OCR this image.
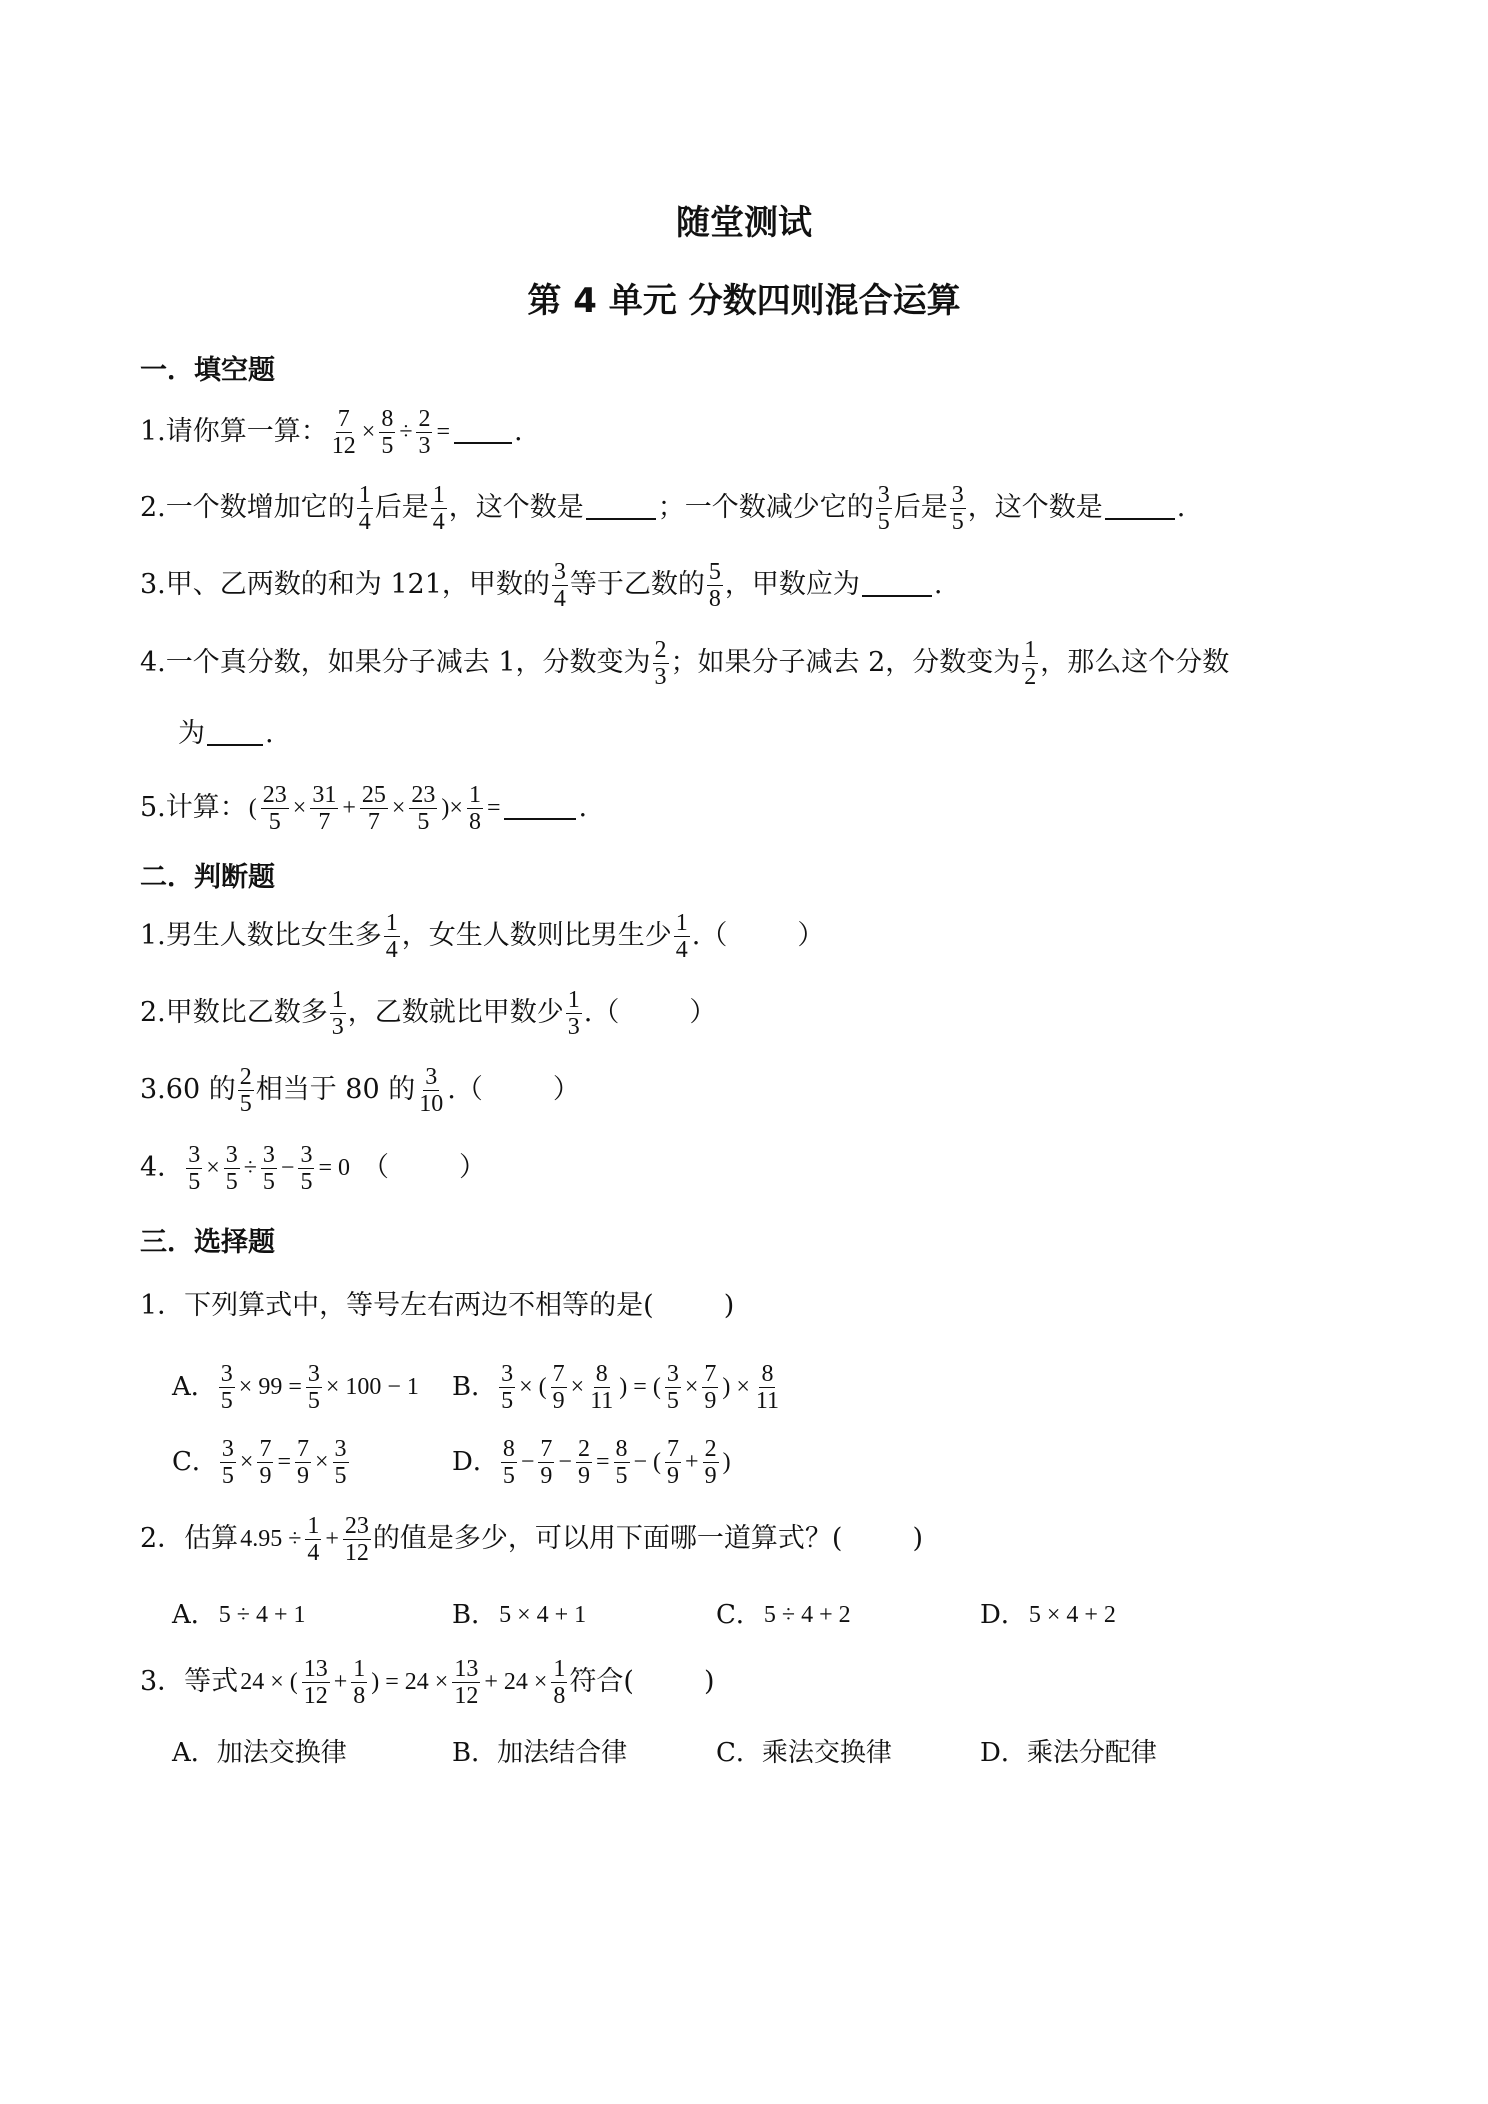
随堂测试
第 4 单元 分数四则混合运算
一．填空题
1.请你算一算： $\frac{7}{12} \times \frac{8}{5} \div \frac{2}{3}$ = .
2.一个数增加它的 $\frac{1}{4}$ 后是 $\frac{1}{4}$ ，这个数是	；一个数减少它的 $\frac{3}{5}$ 后是 $\frac{3}{5}$ ，这个数是	.
3.甲、乙两数的和为 121，甲数的 $\frac{3}{4}$ 等于乙数的 $\frac{5}{8}$ ，甲数应为	.
4.一个真分数，如果分子减去 1，分数变为 $\frac{2}{3}$ ；如果分子减去 2，分数变为 $\frac{1}{2}$ ，那么这个分数
为 .
5.计算： ( $\frac{23}{5} \times \frac{31}{7} + \frac{25}{7} \times \frac{23}{5}$ )× $\frac{1}{8}$ =	.
二．判断题
1.男生人数比女生多 $\frac{1}{4}$ ，女生人数则比男生少 $\frac{1}{4}$ .（	）
2.甲数比乙数多 $\frac{1}{3}$ ，乙数就比甲数少 $\frac{1}{3}$ .（	）
3.60 的 $\frac{2}{5}$ 相当于 80 的 $\frac{3}{10}$ .（	）
4． $\frac{3}{5} \times \frac{3}{5} \div \frac{3}{5} - \frac{3}{5} = 0$ （	）
三．选择题
1．下列算式中，等号左右两边不相等的是(	)
A． $\frac{3}{5} \times 99 = \frac{3}{5} \times 100 - 1$ B． $\frac{3}{5}$ × ( $\frac{7}{9} \times \frac{8}{11}$ ) = ( $\frac{3}{5} \times \frac{7}{9}$ ) × $\frac{8}{11}$
C． $\frac{3}{5} \times \frac{7}{9} = \frac{7}{9} \times \frac{3}{5}$	D． $\frac{8}{5} - \frac{7}{9} - \frac{2}{9} = \frac{8}{5}$ − ( $\frac{7}{9} + \frac{2}{9}$ )
2．估算 $4.95 \div \frac{1}{4} + \frac{23}{12}$ 的值是多少，可以用下面哪一道算式？(	)
A． 5 ÷ 4 + 1	B． 5 × 4 + 1	C． 5 ÷ 4 + 2	D． 5 × 4 + 2
3．等式 24 × ( $\frac{13}{12} + \frac{1}{8}$ ) = $24 \times \frac{13}{12} + 24 \times \frac{1}{8}$ 符合(	)
A． 加法交换律	B． 加法结合律	C． 乘法交换律	D． 乘法分配律
